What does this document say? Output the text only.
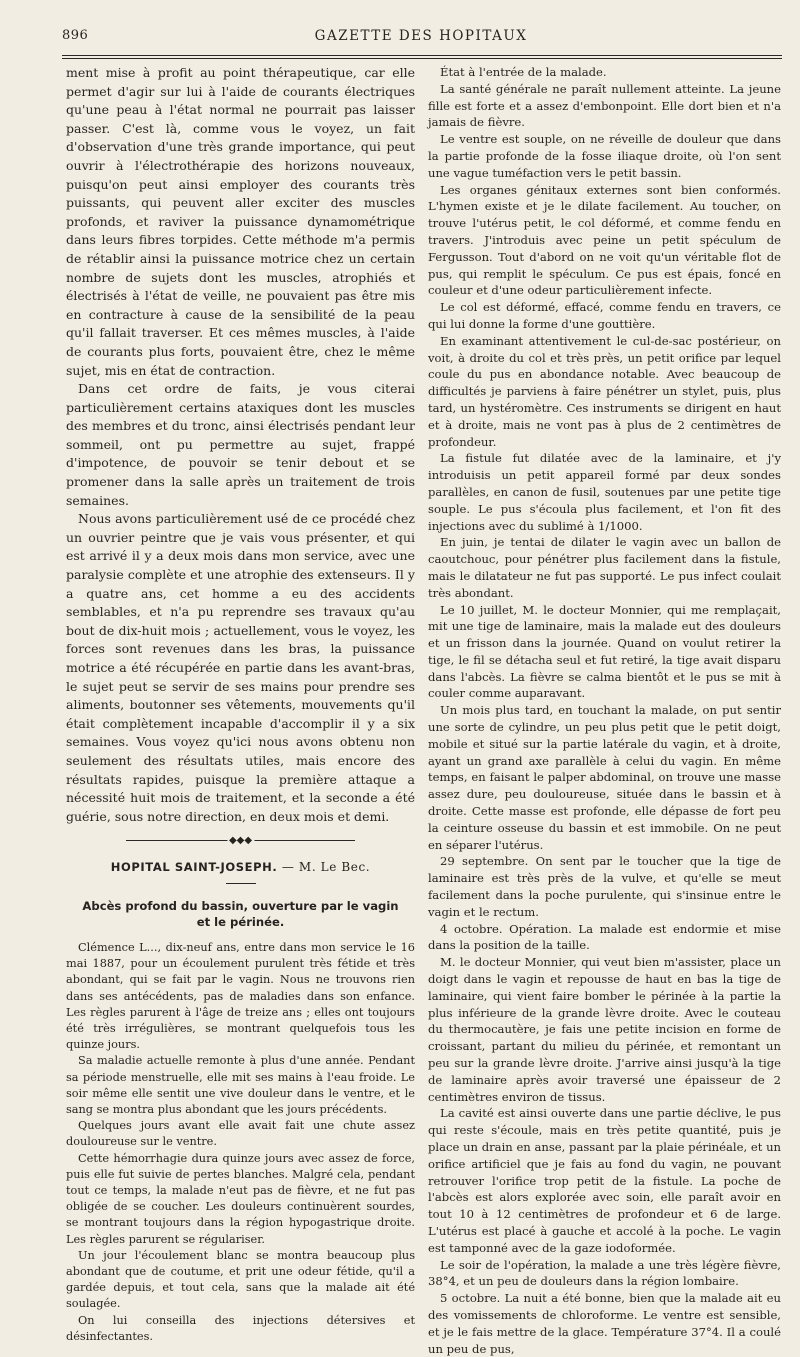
896	GAZETTE DES HOPITAUX

ment mise à profit au point thérapeutique, car elle permet d'agir sur lui à l'aide de courants électriques qu'une peau à l'état normal ne pourrait pas laisser passer. C'est là, comme vous le voyez, un fait d'observation d'une très grande importance, qui peut ouvrir à l'électrothérapie des horizons nouveaux, puisqu'on peut ainsi employer des courants très puissants, qui peuvent aller exciter des muscles profonds, et raviver la puissance dynamométrique dans leurs fibres torpides. Cette méthode m'a permis de rétablir ainsi la puissance motrice chez un certain nombre de sujets dont les muscles, atrophiés et électrisés à l'état de veille, ne pouvaient pas être mis en contracture à cause de la sensibilité de la peau qu'il fallait traverser. Et ces mêmes muscles, à l'aide de courants plus forts, pouvaient être, chez le même sujet, mis en état de contraction.

Dans cet ordre de faits, je vous citerai particulièrement certains ataxiques dont les muscles des membres et du tronc, ainsi électrisés pendant leur sommeil, ont pu permettre au sujet, frappé d'impotence, de pouvoir se tenir debout et se promener dans la salle après un traitement de trois semaines.

Nous avons particulièrement usé de ce procédé chez un ouvrier peintre que je vais vous présenter, et qui est arrivé il y a deux mois dans mon service, avec une paralysie complète et une atrophie des extenseurs. Il y a quatre ans, cet homme a eu des accidents semblables, et n'a pu reprendre ses travaux qu'au bout de dix-huit mois ; actuellement, vous le voyez, les forces sont revenues dans les bras, la puissance motrice a été récupérée en partie dans les avant-bras, le sujet peut se servir de ses mains pour prendre ses aliments, boutonner ses vêtements, mouvements qu'il était complètement incapable d'accomplir il y a six semaines. Vous voyez qu'ici nous avons obtenu non seulement des résultats utiles, mais encore des résultats rapides, puisque la première attaque a nécessité huit mois de traitement, et la seconde a été guérie, sous notre direction, en deux mois et demi.

◆◆◆
HOPITAL SAINT-JOSEPH. — M. Le Bec.
Abcès profond du bassin, ouverture par le vagin
et le périnée.

Clémence L..., dix-neuf ans, entre dans mon service le 16 mai 1887, pour un écoulement purulent très fétide et très abondant, qui se fait par le vagin. Nous ne trouvons rien dans ses antécédents, pas de maladies dans son enfance. Les règles parurent à l'âge de treize ans ; elles ont toujours été très irrégulières, se montrant quelquefois tous les quinze jours.

Sa maladie actuelle remonte à plus d'une année. Pendant sa période menstruelle, elle mit ses mains à l'eau froide. Le soir même elle sentit une vive douleur dans le ventre, et le sang se montra plus abondant que les jours précédents.

Quelques jours avant elle avait fait une chute assez douloureuse sur le ventre.

Cette hémorrhagie dura quinze jours avec assez de force, puis elle fut suivie de pertes blanches. Malgré cela, pendant tout ce temps, la malade n'eut pas de fièvre, et ne fut pas obligée de se coucher. Les douleurs continuèrent sourdes, se montrant toujours dans la région hypogastrique droite. Les règles parurent se régulariser.

Un jour l'écoulement blanc se montra beaucoup plus abondant que de coutume, et prit une odeur fétide, qu'il a gardée depuis, et tout cela, sans que la malade ait été soulagée.

On lui conseilla des injections détersives et désinfectantes.

État à l'entrée de la malade.

La santé générale ne paraît nullement atteinte. La jeune fille est forte et a assez d'embonpoint. Elle dort bien et n'a jamais de fièvre.

Le ventre est souple, on ne réveille de douleur que dans la partie profonde de la fosse iliaque droite, où l'on sent une vague tuméfaction vers le petit bassin.

Les organes génitaux externes sont bien conformés. L'hymen existe et je le dilate facilement. Au toucher, on trouve l'utérus petit, le col déformé, et comme fendu en travers. J'introduis avec peine un petit spéculum de Fergusson. Tout d'abord on ne voit qu'un véritable flot de pus, qui remplit le spéculum. Ce pus est épais, foncé en couleur et d'une odeur particulièrement infecte.

Le col est déformé, effacé, comme fendu en travers, ce qui lui donne la forme d'une gouttière.

En examinant attentivement le cul-de-sac postérieur, on voit, à droite du col et très près, un petit orifice par lequel coule du pus en abondance notable. Avec beaucoup de difficultés je parviens à faire pénétrer un stylet, puis, plus tard, un hystéromètre. Ces instruments se dirigent en haut et à droite, mais ne vont pas à plus de 2 centimètres de profondeur.

La fistule fut dilatée avec de la laminaire, et j'y introduisis un petit appareil formé par deux sondes parallèles, en canon de fusil, soutenues par une petite tige souple. Le pus s'écoula plus facilement, et l'on fit des injections avec du sublimé à 1/1000.

En juin, je tentai de dilater le vagin avec un ballon de caoutchouc, pour pénétrer plus facilement dans la fistule, mais le dilatateur ne fut pas supporté. Le pus infect coulait très abondant.

Le 10 juillet, M. le docteur Monnier, qui me remplaçait, mit une tige de laminaire, mais la malade eut des douleurs et un frisson dans la journée. Quand on voulut retirer la tige, le fil se détacha seul et fut retiré, la tige avait disparu dans l'abcès. La fièvre se calma bientôt et le pus se mit à couler comme auparavant.

Un mois plus tard, en touchant la malade, on put sentir une sorte de cylindre, un peu plus petit que le petit doigt, mobile et situé sur la partie latérale du vagin, et à droite, ayant un grand axe parallèle à celui du vagin. En même temps, en faisant le palper abdominal, on trouve une masse assez dure, peu douloureuse, située dans le bassin et à droite. Cette masse est profonde, elle dépasse de fort peu la ceinture osseuse du bassin et est immobile. On ne peut en séparer l'utérus.

29 septembre. On sent par le toucher que la tige de laminaire est très près de la vulve, et qu'elle se meut facilement dans la poche purulente, qui s'insinue entre le vagin et le rectum.

4 octobre. Opération. La malade est endormie et mise dans la position de la taille.

M. le docteur Monnier, qui veut bien m'assister, place un doigt dans le vagin et repousse de haut en bas la tige de laminaire, qui vient faire bomber le périnée à la partie la plus inférieure de la grande lèvre droite. Avec le couteau du thermocautère, je fais une petite incision en forme de croissant, partant du milieu du périnée, et remontant un peu sur la grande lèvre droite. J'arrive ainsi jusqu'à la tige de laminaire après avoir traversé une épaisseur de 2 centimètres environ de tissus.

La cavité est ainsi ouverte dans une partie déclive, le pus qui reste s'écoule, mais en très petite quantité, puis je place un drain en anse, passant par la plaie périnéale, et un orifice artificiel que je fais au fond du vagin, ne pouvant retrouver l'orifice trop petit de la fistule. La poche de l'abcès est alors explorée avec soin, elle paraît avoir en tout 10 à 12 centimètres de profondeur et 6 de large. L'utérus est placé à gauche et accolé à la poche. Le vagin est tamponné avec de la gaze iodoformée.

Le soir de l'opération, la malade a une très légère fièvre, 38°4, et un peu de douleurs dans la région lombaire.

5 octobre. La nuit a été bonne, bien que la malade ait eu des vomissements de chloroforme. Le ventre est sensible, et je le fais mettre de la glace. Température 37°4. Il a coulé un peu de pus,
